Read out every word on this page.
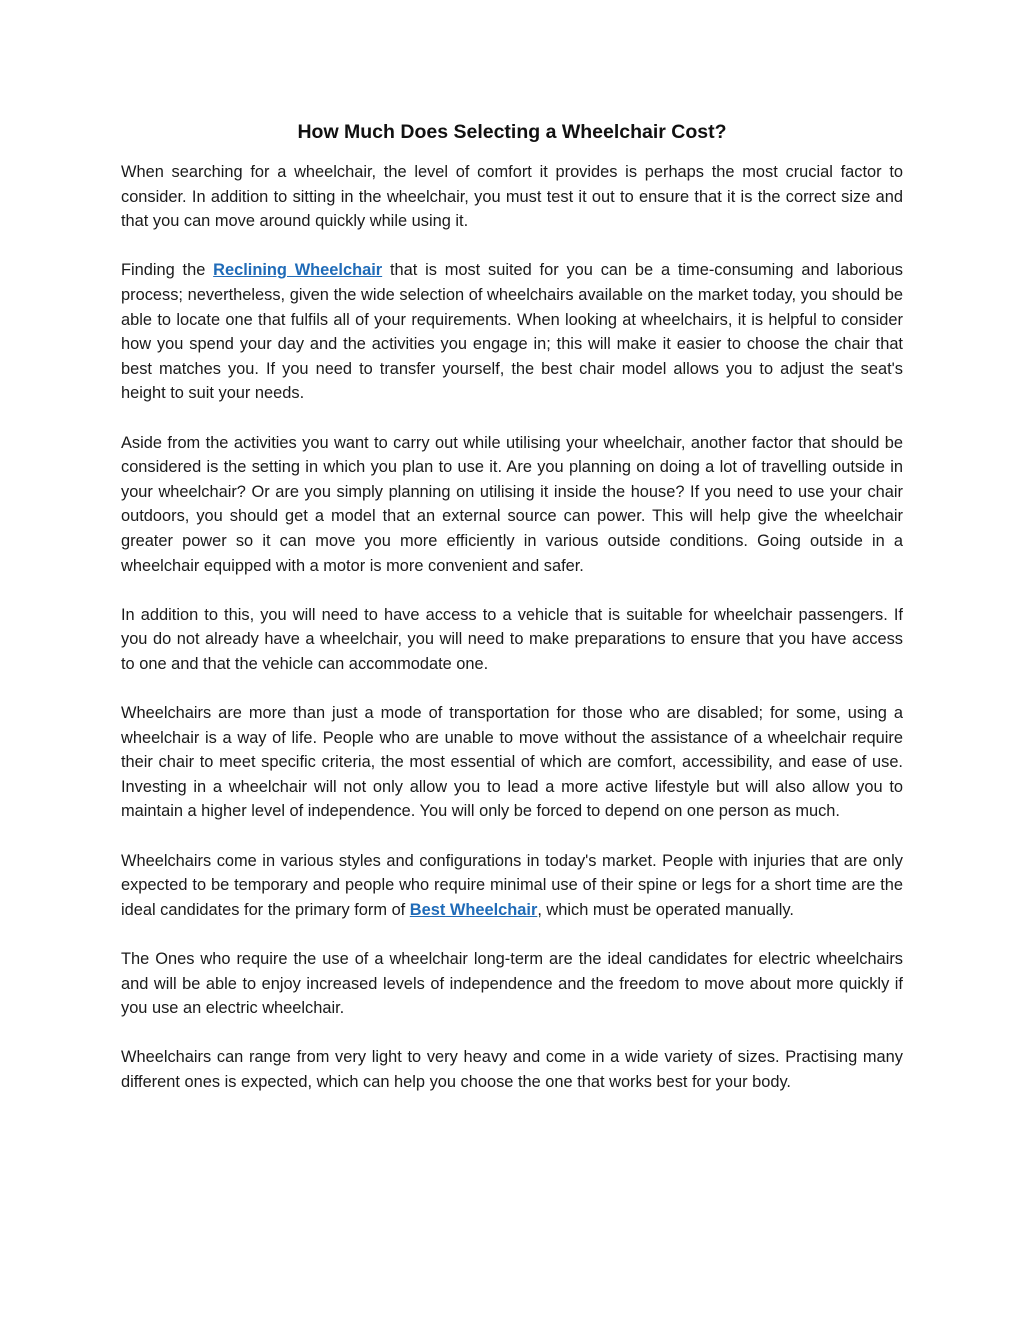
How Much Does Selecting a Wheelchair Cost?

When searching for a wheelchair, the level of comfort it provides is perhaps the most crucial factor to consider. In addition to sitting in the wheelchair, you must test it out to ensure that it is the correct size and that you can move around quickly while using it.

Finding the Reclining Wheelchair that is most suited for you can be a time-consuming and laborious process; nevertheless, given the wide selection of wheelchairs available on the market today, you should be able to locate one that fulfils all of your requirements. When looking at wheelchairs, it is helpful to consider how you spend your day and the activities you engage in; this will make it easier to choose the chair that best matches you. If you need to transfer yourself, the best chair model allows you to adjust the seat's height to suit your needs.

Aside from the activities you want to carry out while utilising your wheelchair, another factor that should be considered is the setting in which you plan to use it. Are you planning on doing a lot of travelling outside in your wheelchair? Or are you simply planning on utilising it inside the house? If you need to use your chair outdoors, you should get a model that an external source can power. This will help give the wheelchair greater power so it can move you more efficiently in various outside conditions. Going outside in a wheelchair equipped with a motor is more convenient and safer.

In addition to this, you will need to have access to a vehicle that is suitable for wheelchair passengers. If you do not already have a wheelchair, you will need to make preparations to ensure that you have access to one and that the vehicle can accommodate one.

Wheelchairs are more than just a mode of transportation for those who are disabled; for some, using a wheelchair is a way of life. People who are unable to move without the assistance of a wheelchair require their chair to meet specific criteria, the most essential of which are comfort, accessibility, and ease of use. Investing in a wheelchair will not only allow you to lead a more active lifestyle but will also allow you to maintain a higher level of independence. You will only be forced to depend on one person as much.

Wheelchairs come in various styles and configurations in today's market. People with injuries that are only expected to be temporary and people who require minimal use of their spine or legs for a short time are the ideal candidates for the primary form of Best Wheelchair, which must be operated manually.

The Ones who require the use of a wheelchair long-term are the ideal candidates for electric wheelchairs and will be able to enjoy increased levels of independence and the freedom to move about more quickly if you use an electric wheelchair.

Wheelchairs can range from very light to very heavy and come in a wide variety of sizes. Practising many different ones is expected, which can help you choose the one that works best for your body.
